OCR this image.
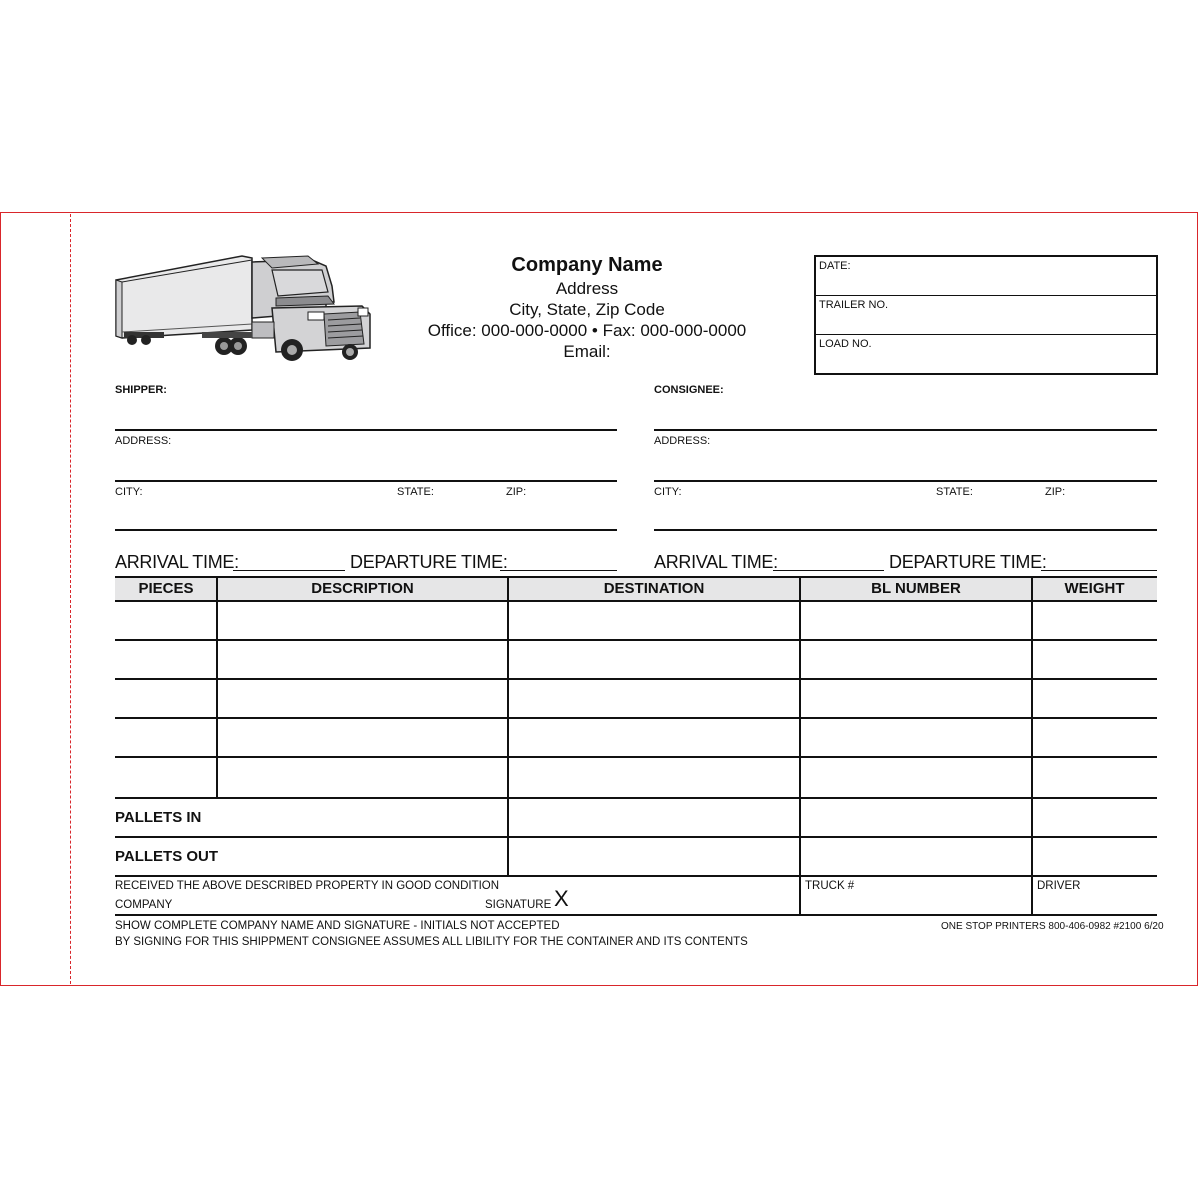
Company Name
Address
City, State, Zip Code
Office: 000-000-0000 • Fax: 000-000-0000
Email:
DATE:
TRAILER NO.
LOAD NO.
SHIPPER:
ADDRESS:
CITY:	STATE:	ZIP:
CONSIGNEE:
ADDRESS:
CITY:	STATE:	ZIP:
ARRIVAL TIME:	DEPARTURE TIME:	ARRIVAL TIME:	DEPARTURE TIME:
PIECES	DESCRIPTION	DESTINATION	BL NUMBER	WEIGHT
PALLETS IN
PALLETS OUT
RECEIVED THE ABOVE DESCRIBED PROPERTY IN GOOD CONDITION
COMPANY	SIGNATURE X	TRUCK #	DRIVER
SHOW COMPLETE COMPANY NAME AND SIGNATURE - INITIALS NOT ACCEPTED
BY SIGNING FOR THIS SHIPPMENT CONSIGNEE ASSUMES ALL LIBILITY FOR THE CONTAINER AND ITS CONTENTS
ONE STOP PRINTERS 800-406-0982 #2100 6/20
